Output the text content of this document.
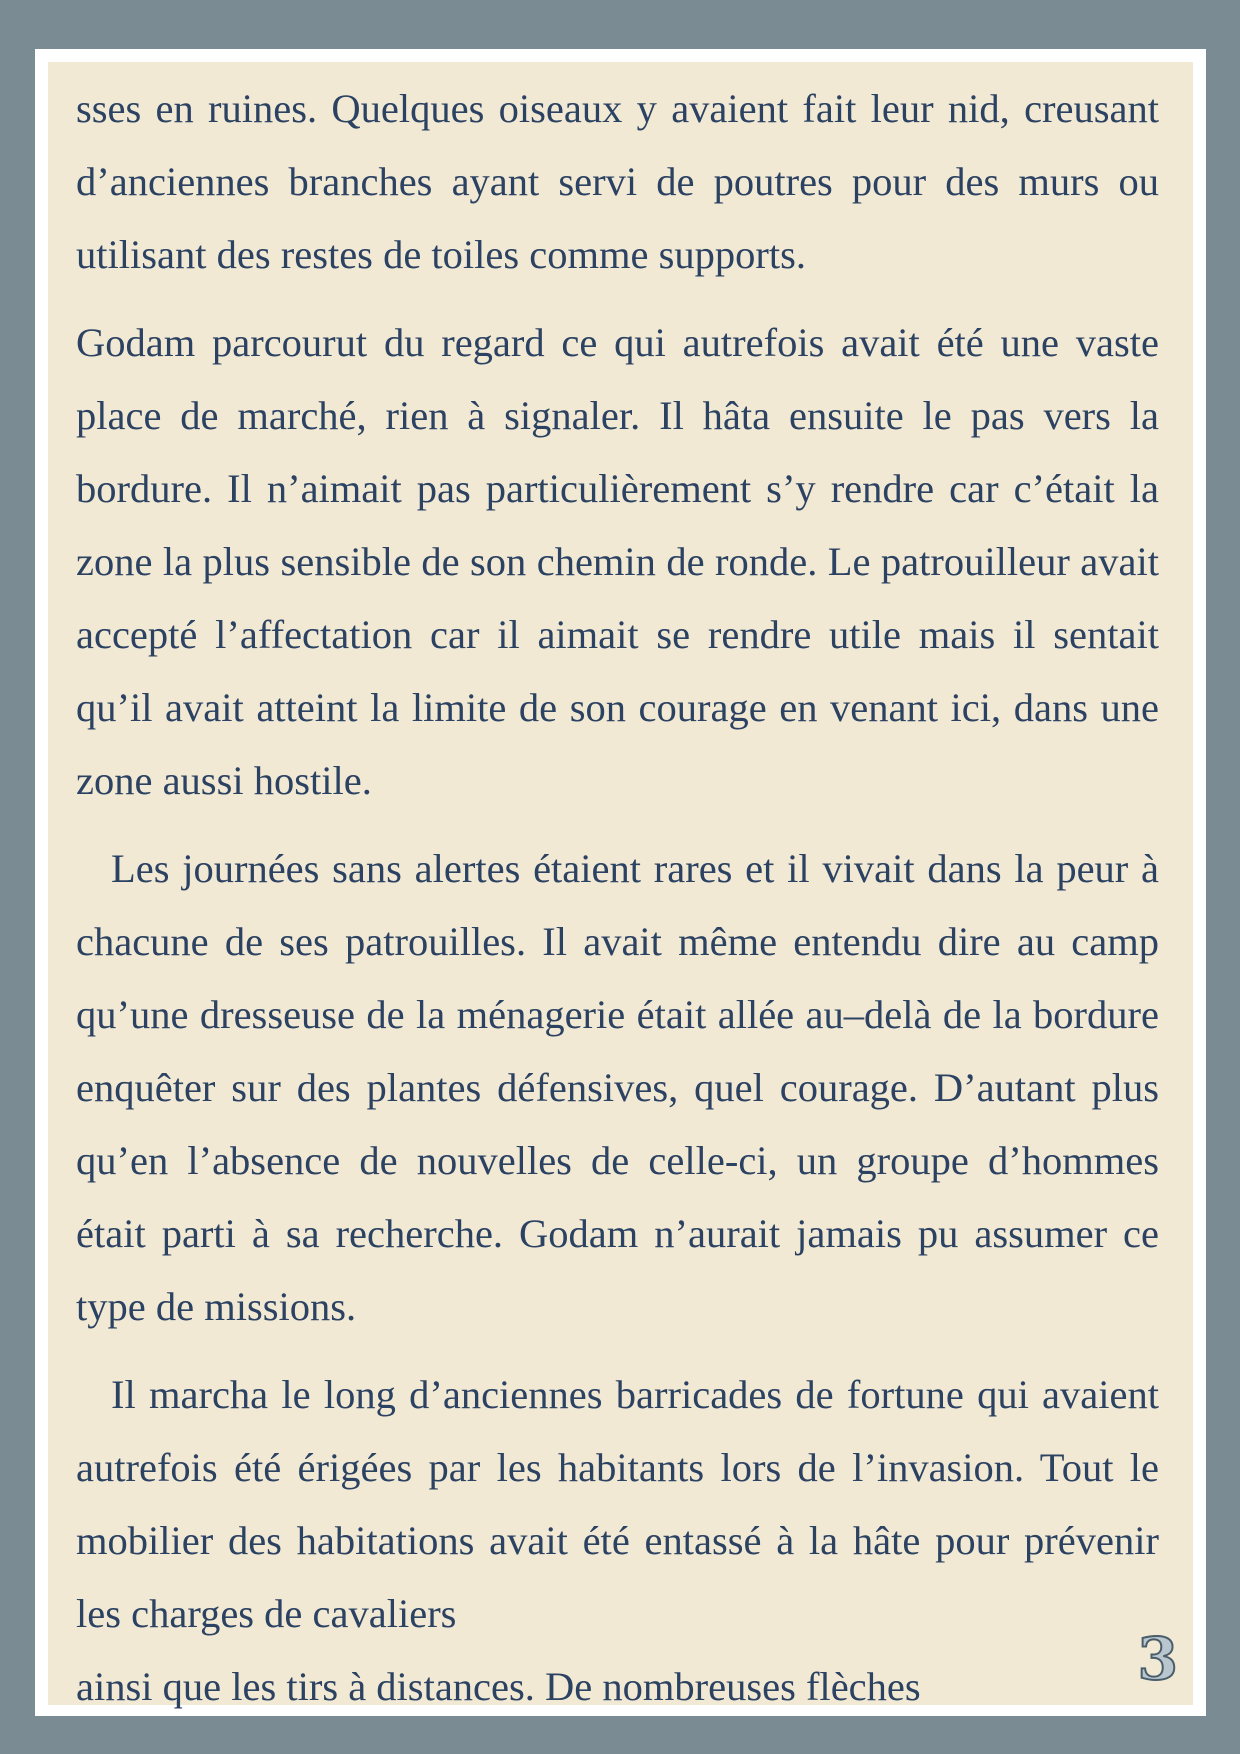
sses en ruines. Quelques oiseaux y avaient fait leur nid, creusant d’anciennes branches ayant servi de poutres pour des murs ou utilisant des restes de toiles comme supports.

Godam parcourut du regard ce qui autrefois avait été une vaste place de marché, rien à signaler. Il hâta ensuite le pas vers la bordure. Il n’aimait pas particulièrement s’y rendre car c’était la zone la plus sensible de son chemin de ronde. Le patrouilleur avait accepté l’affectation car il aimait se rendre utile mais il sentait qu’il avait atteint la limite de son courage en venant ici, dans une zone aussi hostile.

Les journées sans alertes étaient rares et il vivait dans la peur à chacune de ses patrouilles. Il avait même entendu dire au camp qu’une dresseuse de la ménagerie était allée au–delà de la bordure enquêter sur des plantes défensives, quel courage. D’autant plus qu’en l’absence de nouvelles de celle-ci, un groupe d’hommes était parti à sa recherche. Godam n’aurait jamais pu assumer ce type de missions.

Il marcha le long d’anciennes barricades de fortune qui avaient autrefois été érigées par les habitants lors de l’invasion. Tout le mobilier des habitations avait été entassé à la hâte pour prévenir les charges de cavaliers

ainsi que les tirs à distances. De nombreuses flèches	3
